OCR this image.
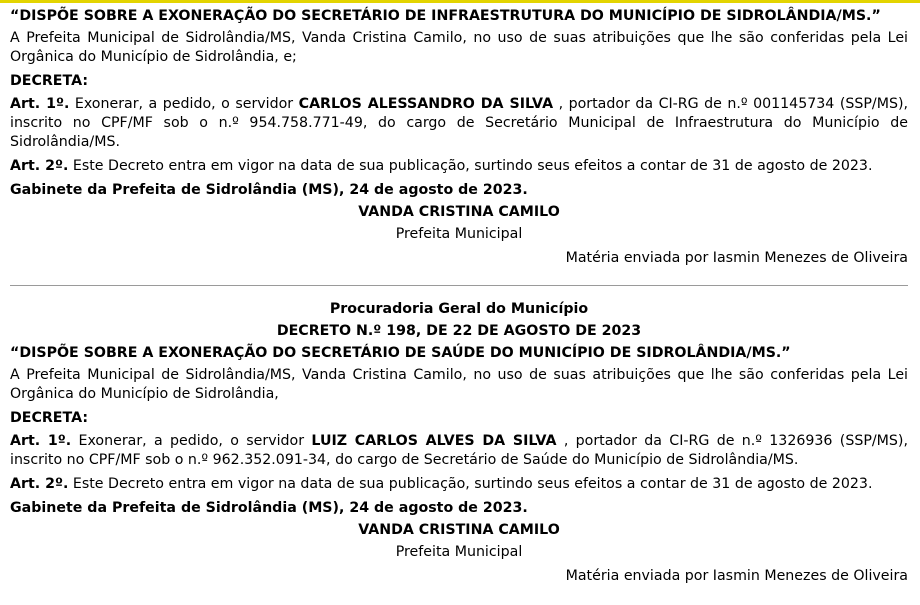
“DISPÕE SOBRE A EXONERAÇÃO DO SECRETÁRIO DE INFRAESTRUTURA DO MUNICÍPIO DE SIDROLÂNDIA/MS.”

A Prefeita Municipal de Sidrolândia/MS, Vanda Cristina Camilo, no uso de suas atribuições que lhe são conferidas pela Lei Orgânica do Município de Sidrolândia, e;

DECRETA:

Art. 1º. Exonerar, a pedido, o servidor CARLOS ALESSANDRO DA SILVA , portador da CI-RG de n.º 001145734 (SSP/MS), inscrito no CPF/MF sob o n.º 954.758.771-49, do cargo de Secretário Municipal de Infraestrutura do Município de Sidrolândia/MS.

Art. 2º. Este Decreto entra em vigor na data de sua publicação, surtindo seus efeitos a contar de 31 de agosto de 2023.

Gabinete da Prefeita de Sidrolândia (MS), 24 de agosto de 2023.

VANDA CRISTINA CAMILO

Prefeita Municipal

Matéria enviada por Iasmin Menezes de Oliveira

Procuradoria Geral do Município

DECRETO N.º 198, DE 22 DE AGOSTO DE 2023

“DISPÕE SOBRE A EXONERAÇÃO DO SECRETÁRIO DE SAÚDE DO MUNICÍPIO DE SIDROLÂNDIA/MS.”

A Prefeita Municipal de Sidrolândia/MS, Vanda Cristina Camilo, no uso de suas atribuições que lhe são conferidas pela Lei Orgânica do Município de Sidrolândia,

DECRETA:

Art. 1º. Exonerar, a pedido, o servidor LUIZ CARLOS ALVES DA SILVA , portador da CI-RG de n.º 1326936 (SSP/MS), inscrito no CPF/MF sob o n.º 962.352.091-34, do cargo de Secretário de Saúde do Município de Sidrolândia/MS.

Art. 2º. Este Decreto entra em vigor na data de sua publicação, surtindo seus efeitos a contar de 31 de agosto de 2023.

Gabinete da Prefeita de Sidrolândia (MS), 24 de agosto de 2023.

VANDA CRISTINA CAMILO

Prefeita Municipal

Matéria enviada por Iasmin Menezes de Oliveira
